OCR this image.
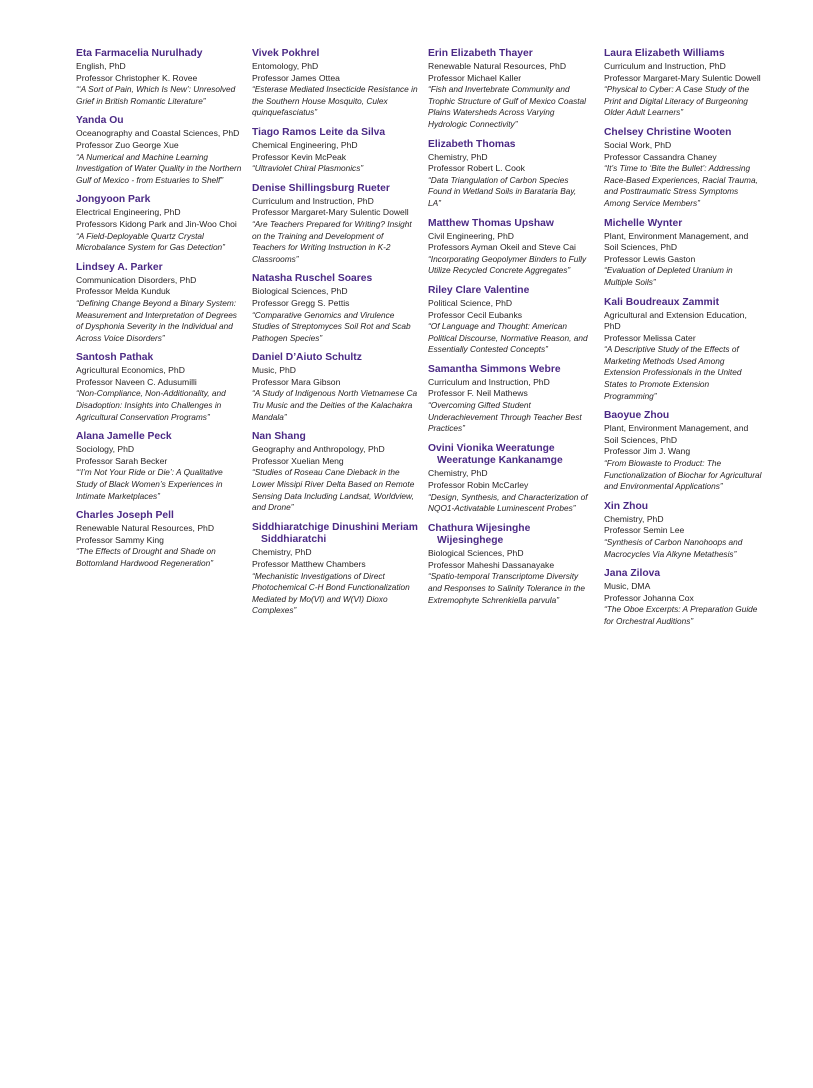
Eta Farmacelia Nurulhady
English, PhD
Professor Christopher K. Rovee
“‘A Sort of Pain, Which Is New’: Unresolved Grief in British Romantic Literature”
Yanda Ou
Oceanography and Coastal Sciences, PhD
Professor Zuo George Xue
“A Numerical and Machine Learning Investigation of Water Quality in the Northern Gulf of Mexico - from Estuaries to Shelf”
Jongyoon Park
Electrical Engineering, PhD
Professors Kidong Park and Jin-Woo Choi
“A Field-Deployable Quartz Crystal Microbalance System for Gas Detection”
Lindsey A. Parker
Communication Disorders, PhD
Professor Melda Kunduk
“Defining Change Beyond a Binary System: Measurement and Interpretation of Degrees of Dysphonia Severity in the Individual and Across Voice Disorders”
Santosh Pathak
Agricultural Economics, PhD
Professor Naveen C. Adusumilli
“Non-Compliance, Non-Additionality, and Disadoption: Insights into Challenges in Agricultural Conservation Programs”
Alana Jamelle Peck
Sociology, PhD
Professor Sarah Becker
“‘I’m Not Your Ride or Die’: A Qualitative Study of Black Women’s Experiences in Intimate Marketplaces”
Charles Joseph Pell
Renewable Natural Resources, PhD
Professor Sammy King
“The Effects of Drought and Shade on Bottomland Hardwood Regeneration”
Vivek Pokhrel
Entomology, PhD
Professor James Ottea
“Esterase Mediated Insecticide Resistance in the Southern House Mosquito, Culex quinquefasciatus”
Tiago Ramos Leite da Silva
Chemical Engineering, PhD
Professor Kevin McPeak
“Ultraviolet Chiral Plasmonics”
Denise Shillingsburg Rueter
Curriculum and Instruction, PhD
Professor Margaret-Mary Sulentic Dowell
“Are Teachers Prepared for Writing? Insight on the Training and Development of Teachers for Writing Instruction in K-2 Classrooms”
Natasha Ruschel Soares
Biological Sciences, PhD
Professor Gregg S. Pettis
“Comparative Genomics and Virulence Studies of Streptomyces Soil Rot and Scab Pathogen Species”
Daniel D’Aiuto Schultz
Music, PhD
Professor Mara Gibson
“A Study of Indigenous North Vietnamese Ca Tru Music and the Deities of the Kalachakra Mandala”
Nan Shang
Geography and Anthropology, PhD
Professor Xuelian Meng
“Studies of Roseau Cane Dieback in the Lower Missipi River Delta Based on Remote Sensing Data Including Landsat, Worldview, and Drone”
Siddhiaratchige Dinushini Meriam Siddhiaratchi
Chemistry, PhD
Professor Matthew Chambers
“Mechanistic Investigations of Direct Photochemical C-H Bond Functionalization Mediated by Mo(VI) and W(VI) Dioxo Complexes”
Erin Elizabeth Thayer
Renewable Natural Resources, PhD
Professor Michael Kaller
“Fish and Invertebrate Community and Trophic Structure of Gulf of Mexico Coastal Plains Watersheds Across Varying Hydrologic Connectivity”
Elizabeth Thomas
Chemistry, PhD
Professor Robert L. Cook
“Data Triangulation of Carbon Species Found in Wetland Soils in Barataria Bay, LA”
Matthew Thomas Upshaw
Civil Engineering, PhD
Professors Ayman Okeil and Steve Cai
“Incorporating Geopolymer Binders to Fully Utilize Recycled Concrete Aggregates”
Riley Clare Valentine
Political Science, PhD
Professor Cecil Eubanks
“Of Language and Thought: American Political Discourse, Normative Reason, and Essentially Contested Concepts”
Samantha Simmons Webre
Curriculum and Instruction, PhD
Professor F. Neil Mathews
“Overcoming Gifted Student Underachievement Through Teacher Best Practices”
Ovini Vionika Weeratunge Weeratunge Kankanamge
Chemistry, PhD
Professor Robin McCarley
“Design, Synthesis, and Characterization of NQO1-Activatable Luminescent Probes”
Chathura Wijesinghe Wijesinghege
Biological Sciences, PhD
Professor Maheshi Dassanayake
“Spatio-temporal Transcriptome Diversity and Responses to Salinity Tolerance in the Extremophyte Schrenkiella parvula”
Laura Elizabeth Williams
Curriculum and Instruction, PhD
Professor Margaret-Mary Sulentic Dowell
“Physical to Cyber: A Case Study of the Print and Digital Literacy of Burgeoning Older Adult Learners”
Chelsey Christine Wooten
Social Work, PhD
Professor Cassandra Chaney
“It’s Time to ‘Bite the Bullet’: Addressing Race-Based Experiences, Racial Trauma, and Posttraumatic Stress Symptoms Among Service Members”
Michelle Wynter
Plant, Environment Management, and Soil Sciences, PhD
Professor Lewis Gaston
“Evaluation of Depleted Uranium in Multiple Soils”
Kali Boudreaux Zammit
Agricultural and Extension Education, PhD
Professor Melissa Cater
“A Descriptive Study of the Effects of Marketing Methods Used Among Extension Professionals in the United States to Promote Extension Programming”
Baoyue Zhou
Plant, Environment Management, and Soil Sciences, PhD
Professor Jim J. Wang
“From Biowaste to Product: The Functionalization of Biochar for Agricultural and Environmental Applications”
Xin Zhou
Chemistry, PhD
Professor Semin Lee
“Synthesis of Carbon Nanohoops and Macrocycles Via Alkyne Metathesis”
Jana Zilova
Music, DMA
Professor Johanna Cox
“The Oboe Excerpts: A Preparation Guide for Orchestral Auditions”
